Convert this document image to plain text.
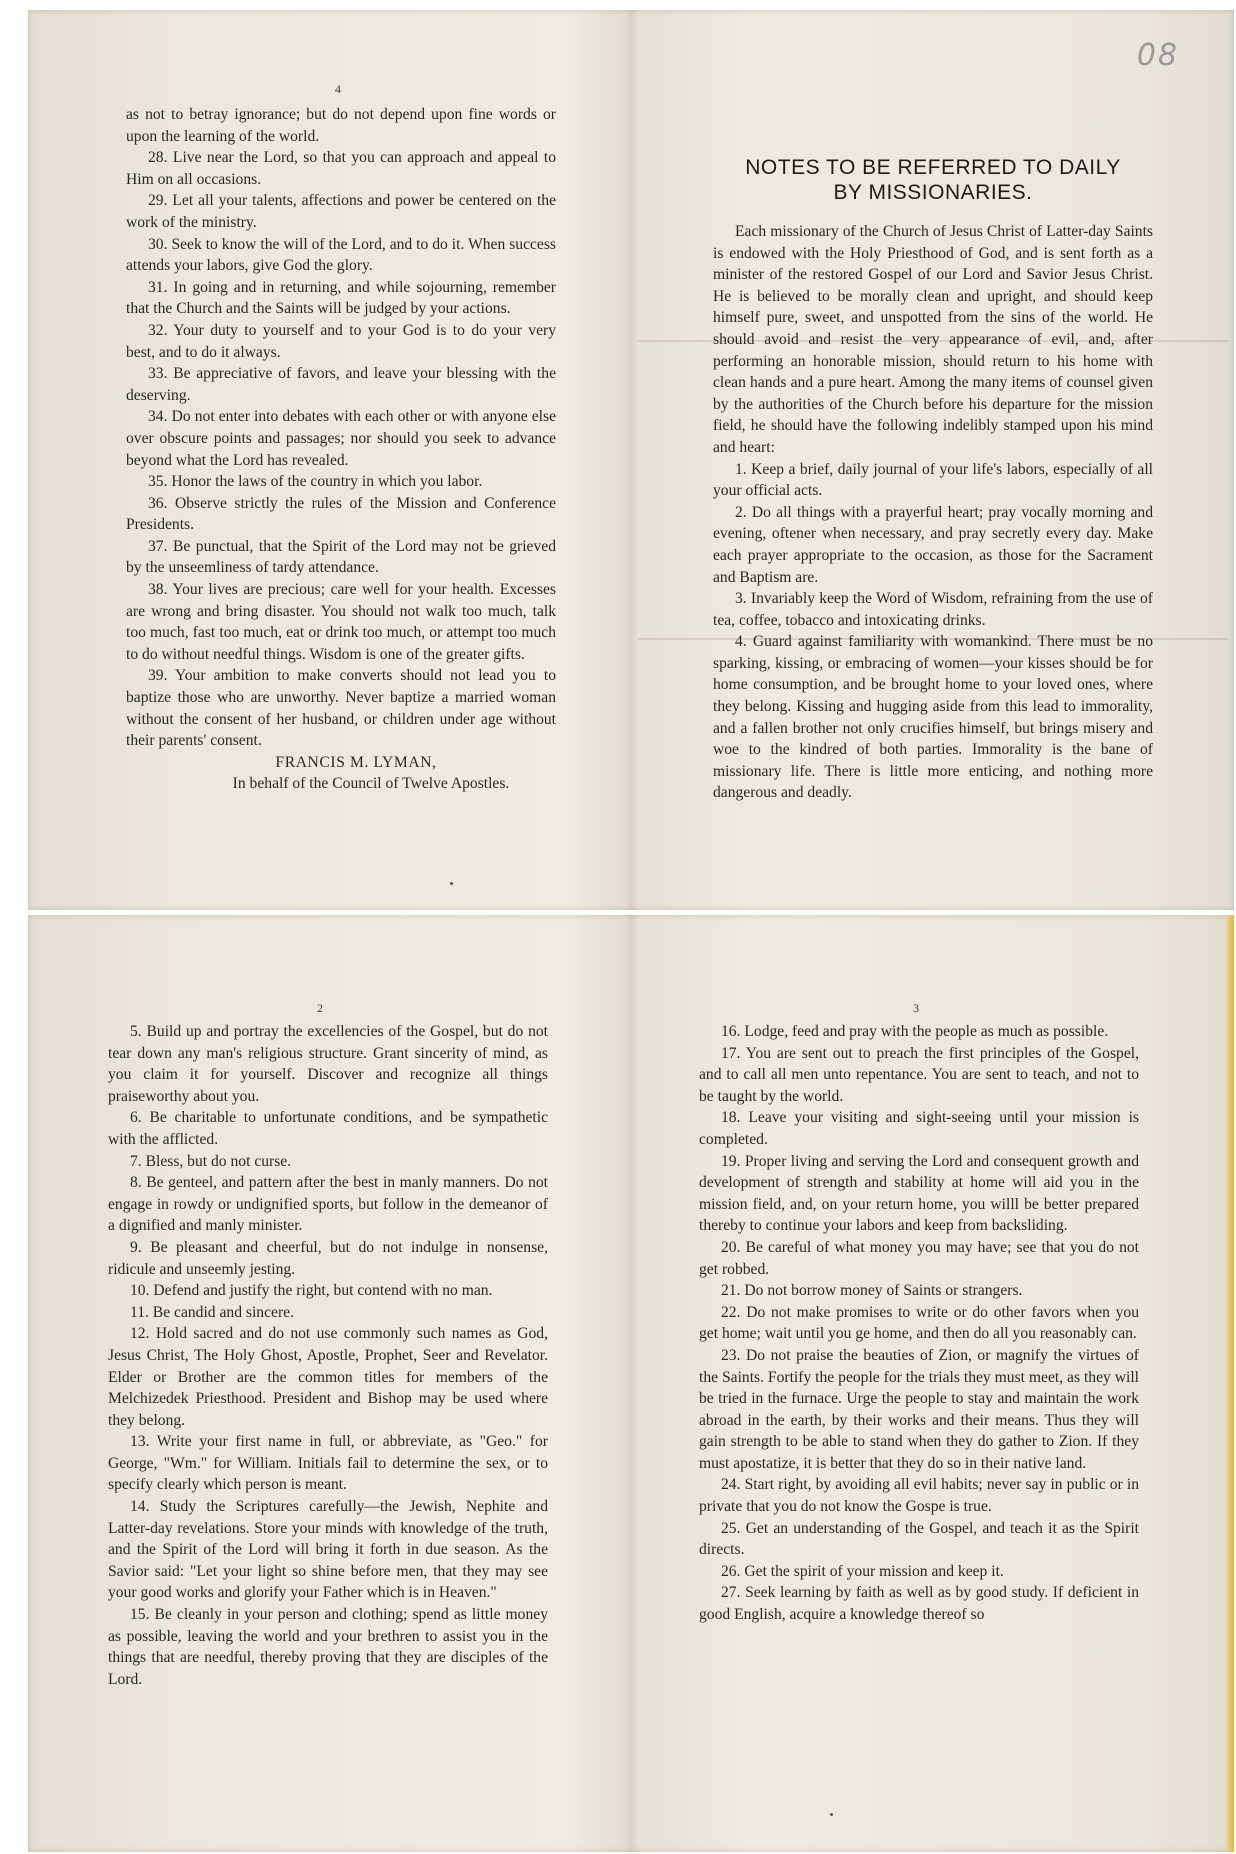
08
4

as not to betray ignorance; but do not depend upon fine words or upon the learning of the world.

28. Live near the Lord, so that you can approach and appeal to Him on all occasions.

29. Let all your talents, affections and power be centered on the work of the ministry.

30. Seek to know the will of the Lord, and to do it. When success attends your labors, give God the glory.

31. In going and in returning, and while sojourning, remember that the Church and the Saints will be judged by your actions.

32. Your duty to yourself and to your God is to do your very best, and to do it always.

33. Be appreciative of favors, and leave your blessing with the deserving.

34. Do not enter into debates with each other or with anyone else over obscure points and passages; nor should you seek to advance beyond what the Lord has revealed.

35. Honor the laws of the country in which you labor.

36. Observe strictly the rules of the Mission and Conference Presidents.

37. Be punctual, that the Spirit of the Lord may not be grieved by the unseemliness of tardy attendance.

38. Your lives are precious; care well for your health. Excesses are wrong and bring disaster. You should not walk too much, talk too much, fast too much, eat or drink too much, or attempt too much to do without needful things. Wisdom is one of the greater gifts.

39. Your ambition to make converts should not lead you to baptize those who are unworthy. Never baptize a married woman without the consent of her husband, or children under age without their parents' consent.

FRANCIS M. LYMAN,

In behalf of the Council of Twelve Apostles.

NOTES TO BE REFERRED TO DAILY
BY MISSIONARIES.

Each missionary of the Church of Jesus Christ of Latter-day Saints is endowed with the Holy Priesthood of God, and is sent forth as a minister of the restored Gospel of our Lord and Savior Jesus Christ. He is believed to be morally clean and upright, and should keep himself pure, sweet, and unspotted from the sins of the world. He should avoid and resist the very appearance of evil, and, after performing an honorable mission, should return to his home with clean hands and a pure heart. Among the many items of counsel given by the authorities of the Church before his departure for the mission field, he should have the following indelibly stamped upon his mind and heart:

1. Keep a brief, daily journal of your life's labors, especially of all your official acts.

2. Do all things with a prayerful heart; pray vocally morning and evening, oftener when necessary, and pray secretly every day. Make each prayer appropriate to the occasion, as those for the Sacrament and Baptism are.

3. Invariably keep the Word of Wisdom, refraining from the use of tea, coffee, tobacco and intoxicating drinks.

4. Guard against familiarity with womankind. There must be no sparking, kissing, or embracing of women—your kisses should be for home consumption, and be brought home to your loved ones, where they belong. Kissing and hugging aside from this lead to immorality, and a fallen brother not only crucifies himself, but brings misery and woe to the kindred of both parties. Immorality is the bane of missionary life. There is little more enticing, and nothing more dangerous and deadly.

2	3

5. Build up and portray the excellencies of the Gospel, but do not tear down any man's religious structure. Grant sincerity of mind, as you claim it for yourself. Discover and recognize all things praiseworthy about you.

6. Be charitable to unfortunate conditions, and be sympathetic with the afflicted.

7. Bless, but do not curse.

8. Be genteel, and pattern after the best in manly manners. Do not engage in rowdy or undignified sports, but follow in the demeanor of a dignified and manly minister.

9. Be pleasant and cheerful, but do not indulge in nonsense, ridicule and unseemly jesting.

10. Defend and justify the right, but contend with no man.

11. Be candid and sincere.

12. Hold sacred and do not use commonly such names as God, Jesus Christ, The Holy Ghost, Apostle, Prophet, Seer and Revelator. Elder or Brother are the common titles for members of the Melchizedek Priesthood. President and Bishop may be used where they belong.

13. Write your first name in full, or abbreviate, as "Geo." for George, "Wm." for William. Initials fail to determine the sex, or to specify clearly which person is meant.

14. Study the Scriptures carefully—the Jewish, Nephite and Latter-day revelations. Store your minds with knowledge of the truth, and the Spirit of the Lord will bring it forth in due season. As the Savior said: "Let your light so shine before men, that they may see your good works and glorify your Father which is in Heaven."

15. Be cleanly in your person and clothing; spend as little money as possible, leaving the world and your brethren to assist you in the things that are needful, thereby proving that they are disciples of the Lord.

16. Lodge, feed and pray with the people as much as possible.

17. You are sent out to preach the first principles of the Gospel, and to call all men unto repentance. You are sent to teach, and not to be taught by the world.

18. Leave your visiting and sight-seeing until your mission is completed.

19. Proper living and serving the Lord and consequent growth and development of strength and stability at home will aid you in the mission field, and, on your return home, you willl be better prepared thereby to continue your labors and keep from backsliding.

20. Be careful of what money you may have; see that you do not get robbed.

21. Do not borrow money of Saints or strangers.

22. Do not make promises to write or do other favors when you get home; wait until you ge home, and then do all you reasonably can.

23. Do not praise the beauties of Zion, or magnify the virtues of the Saints. Fortify the people for the trials they must meet, as they will be tried in the furnace. Urge the people to stay and maintain the work abroad in the earth, by their works and their means. Thus they will gain strength to be able to stand when they do gather to Zion. If they must apostatize, it is better that they do so in their native land.

24. Start right, by avoiding all evil habits; never say in public or in private that you do not know the Gospe is true.

25. Get an understanding of the Gospel, and teach it as the Spirit directs.

26. Get the spirit of your mission and keep it.

27. Seek learning by faith as well as by good study. If deficient in good English, acquire a knowledge thereof so
